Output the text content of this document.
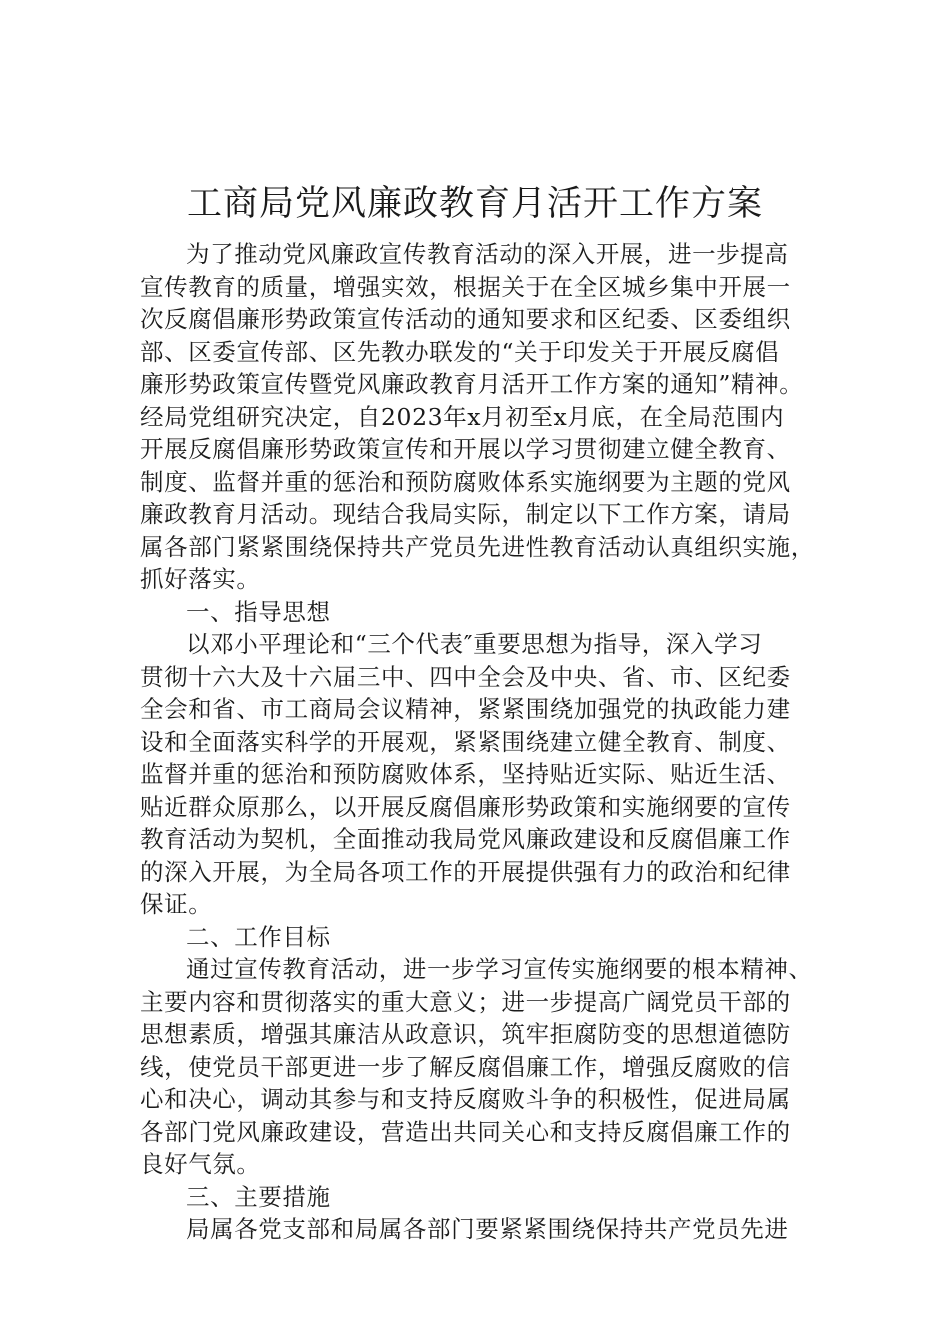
工商局党风廉政教育月活开工作方案
为了推动党风廉政宣传教育活动的深入开展，进一步提高
宣传教育的质量，增强实效，根据关于在全区城乡集中开展一
次反腐倡廉形势政策宣传活动的通知要求和区纪委、区委组织
部、区委宣传部、区先教办联发的“关于印发关于开展反腐倡
廉形势政策宣传暨党风廉政教育月活开工作方案的通知”精神。
经局党组研究决定，自2023年x月初至x月底，在全局范围内
开展反腐倡廉形势政策宣传和开展以学习贯彻建立健全教育、
制度、监督并重的惩治和预防腐败体系实施纲要为主题的党风
廉政教育月活动。现结合我局实际，制定以下工作方案，请局
属各部门紧紧围绕保持共产党员先进性教育活动认真组织实施，
抓好落实。
一、指导思想
以邓小平理论和“三个代表″重要思想为指导，深入学习
贯彻十六大及十六届三中、四中全会及中央、省、市、区纪委
全会和省、市工商局会议精神，紧紧围绕加强党的执政能力建
设和全面落实科学的开展观，紧紧围绕建立健全教育、制度、
监督并重的惩治和预防腐败体系，坚持贴近实际、贴近生活、
贴近群众原那么，以开展反腐倡廉形势政策和实施纲要的宣传
教育活动为契机，全面推动我局党风廉政建设和反腐倡廉工作
的深入开展，为全局各项工作的开展提供强有力的政治和纪律
保证。
二、工作目标
通过宣传教育活动，进一步学习宣传实施纲要的根本精神、
主要内容和贯彻落实的重大意义；进一步提高广阔党员干部的
思想素质，增强其廉洁从政意识，筑牢拒腐防变的思想道德防
线，使党员干部更进一步了解反腐倡廉工作，增强反腐败的信
心和决心，调动其参与和支持反腐败斗争的积极性，促进局属
各部门党风廉政建设，营造出共同关心和支持反腐倡廉工作的
良好气氛。
三、主要措施
局属各党支部和局属各部门要紧紧围绕保持共产党员先进
